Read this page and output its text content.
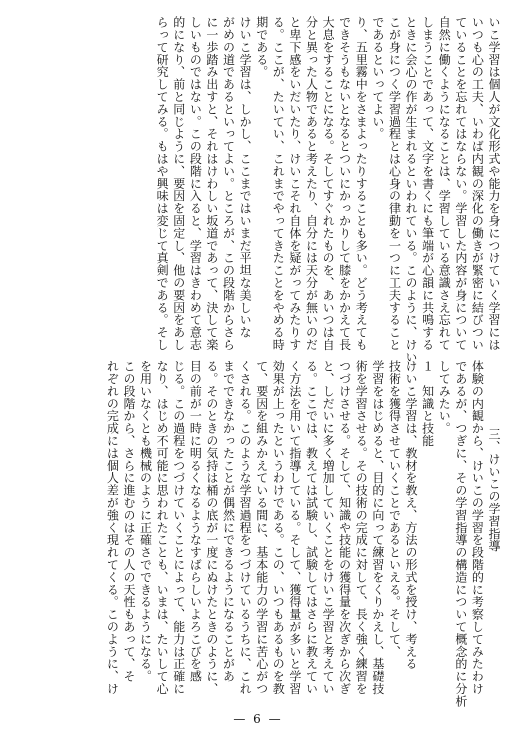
いこ学習は個人が文化形式や能力を身につけていく学習には

いつも心の工夫、いわば内観の深化の働きが緊密に結びつい

ていることを忘れてはならない。学習した内容が身について

自然に働くようになることは、学習している意識さえ忘れて

しまうことであって、文字を書くにも筆端が心韻に共鳴する

ときに会心の作が生まれるといわれている。このように、けい

こが身につく学習過程とは心身の律動を一つに工夫すること

であるといってよい。

り、五里霧中をさまよったりすることも多い。どう考えても

できそうもないとなるとついにかっかりして膝をかかえて長

大息をすることになる。そしてすぐれたものを、あいつは自

分と異った人物であると考えたり、自分には天分が無いのだ

と卑下感をいだいたり、けいこそれ自体を疑がってみたりす

る。ここが、たいてい、これまでやってきたことをやめる時

期である。

けいこ学習は、しかし、ここまではいまだ平坦な美しいな

がめの道であるといってよい。ところが、この段階からさら

に一歩踏み出すと、それはけわしい坂道であって、決して楽

しいものではない。この段階に入ると、学習はきわめて意志

的になり、前と同じように、要因を固定し、他の要因をあし

らって研究してみる。もはや興味は変じて真剣である。そし

三、けいこの学習指導

体験の内観から、けいこの学習を段階的に考察してみたわけ

であるが、つぎに、その学習指導の構造について概念的に分析

してみたい。

１　知識と技能

けいこ学習は、教材を教え、方法の形式を授け、考える

技術を獲得させていくことであるといえる。そして、

学習をはじめると、目的に向って練習をくりかえし、基礎技

術を学習させる。その技術の完成に対して、長く強く練習を

つづけさせる。そして、知識や技能の獲得量を次ぎから次ぎ

と、しだいに多く増加していくことをけいこ学習と考えてい

る。ここでは、教えては試験し、試験してはさらに教えてい

く方法を用いて指導している。そして、獲得量が多いと学習

効果が上ったというわけである。この、いつもあるものを教

て、要因を組みかえている間に、基本能力の学習に苦心がつ

くされる。このような学習過程をつづけているうちに、これ

までできなかったことが偶然にできるようになることがあ

る。そのときの気持は桶の底が一度にぬけたときのように、

目の前が一時に明るくなるようなすばらしいよろこびを感

じる。この過程をつづけていくことによって、能力は正確に

なり、はじめ不可能に思われたことも、いまは、たいして心

を用いなくとも機械のように正確さでできるようになる。

この段階から、さらに進むのはその人の天性もあって、そ

れぞれの完成には個人差が強く現れてくる。このように、け

— 6 —
